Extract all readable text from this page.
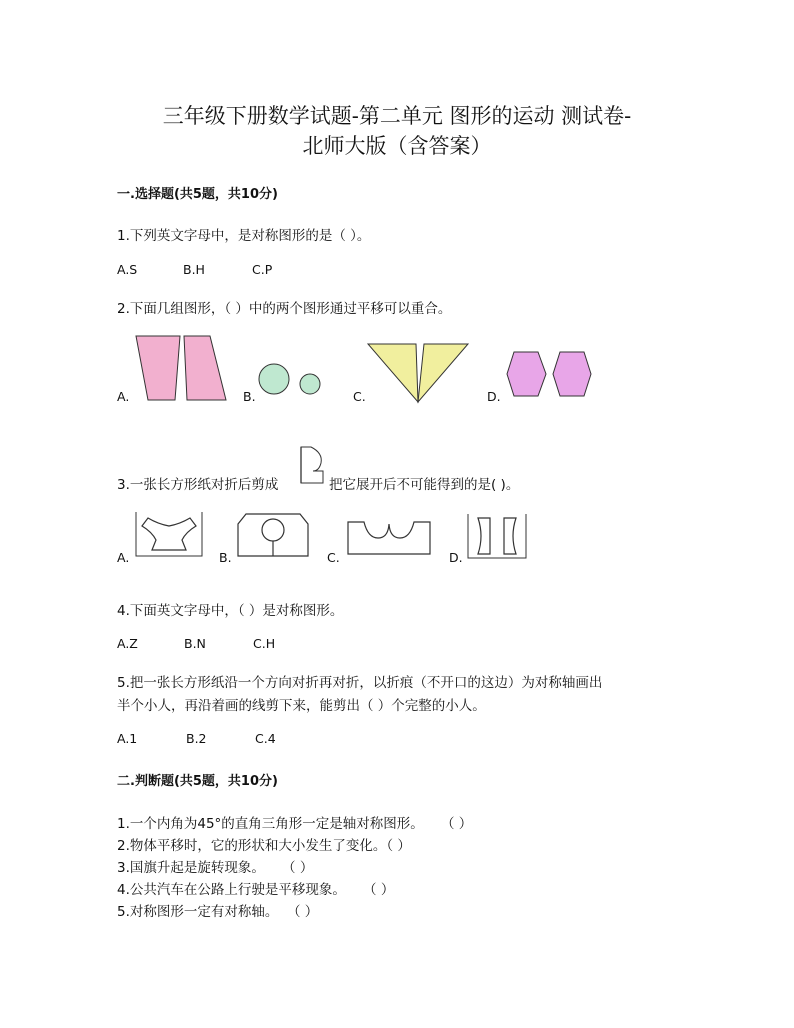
三年级下册数学试题-第二单元 图形的运动 测试卷-
北师大版（含答案）
一.选择题(共5题，共10分)
1.下列英文字母中，是对称图形的是（ ）。
A.S	B.H	C.P
2.下面几组图形，（ ）中的两个图形通过平移可以重合。
A.	B.	C.	D.
3.一张长方形纸对折后剪成	把它展开后不可能得到的是( )。
A.	B.	C.	D.
4.下面英文字母中，（ ）是对称图形。
A.Z	B.N	C.H
5.把一张长方形纸沿一个方向对折再对折，以折痕（不开口的这边）为对称轴画出
半个小人，再沿着画的线剪下来，能剪出（ ）个完整的小人。
A.1	B.2	C.4
二.判断题(共5题，共10分)
1.一个内角为45°的直角三角形一定是轴对称图形。    （ ）
2.物体平移时，它的形状和大小发生了变化。（ ）
3.国旗升起是旋转现象。    （ ）
4.公共汽车在公路上行驶是平移现象。    （ ）
5.对称图形一定有对称轴。  （ ）
